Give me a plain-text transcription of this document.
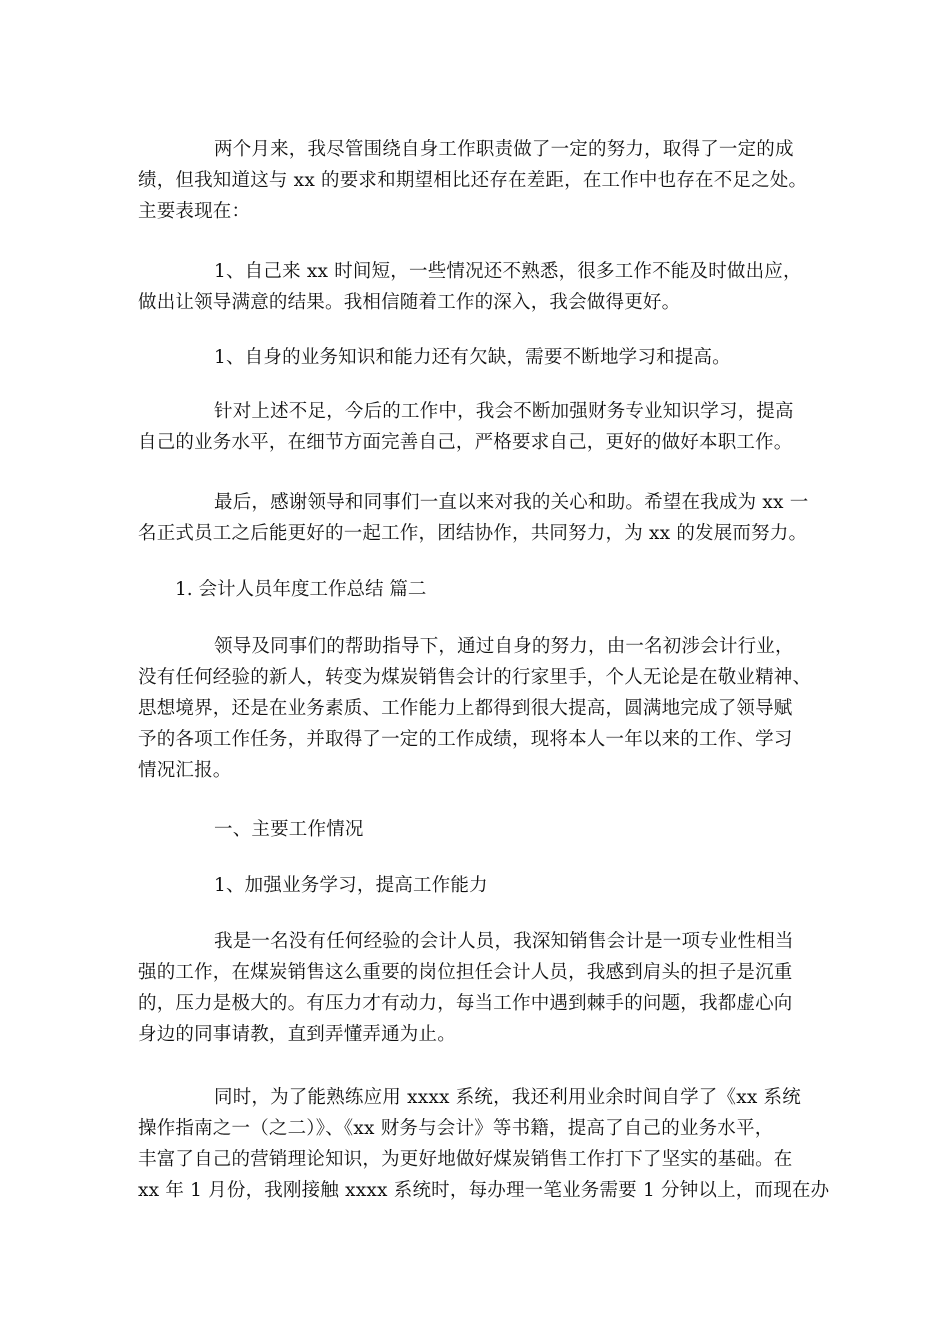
两个月来，我尽管围绕自身工作职责做了一定的努力，取得了一定的成
绩，但我知道这与 xx 的要求和期望相比还存在差距，在工作中也存在不足之处。
主要表现在：
1、自己来 xx 时间短，一些情况还不熟悉，很多工作不能及时做出应，
做出让领导满意的结果。我相信随着工作的深入，我会做得更好。
1、自身的业务知识和能力还有欠缺，需要不断地学习和提高。
针对上述不足，今后的工作中，我会不断加强财务专业知识学习，提高
自己的业务水平，在细节方面完善自己，严格要求自己，更好的做好本职工作。
最后，感谢领导和同事们一直以来对我的关心和助。希望在我成为 xx 一
名正式员工之后能更好的一起工作，团结协作，共同努力，为 xx 的发展而努力。
1. 会计人员年度工作总结 篇二
领导及同事们的帮助指导下，通过自身的努力，由一名初涉会计行业，
没有任何经验的新人，转变为煤炭销售会计的行家里手，个人无论是在敬业精神、
思想境界，还是在业务素质、工作能力上都得到很大提高，圆满地完成了领导赋
予的各项工作任务，并取得了一定的工作成绩，现将本人一年以来的工作、学习
情况汇报。
一、主要工作情况
1、加强业务学习，提高工作能力
我是一名没有任何经验的会计人员，我深知销售会计是一项专业性相当
强的工作，在煤炭销售这么重要的岗位担任会计人员，我感到肩头的担子是沉重
的，压力是极大的。有压力才有动力，每当工作中遇到棘手的问题，我都虚心向
身边的同事请教，直到弄懂弄通为止。
同时，为了能熟练应用 xxxx 系统，我还利用业余时间自学了《xx 系统
操作指南之一（之二）》、《xx 财务与会计》等书籍，提高了自己的业务水平，
丰富了自己的营销理论知识，为更好地做好煤炭销售工作打下了坚实的基础。在
xx 年 1 月份，我刚接触 xxxx 系统时，每办理一笔业务需要 1 分钟以上，而现在办
